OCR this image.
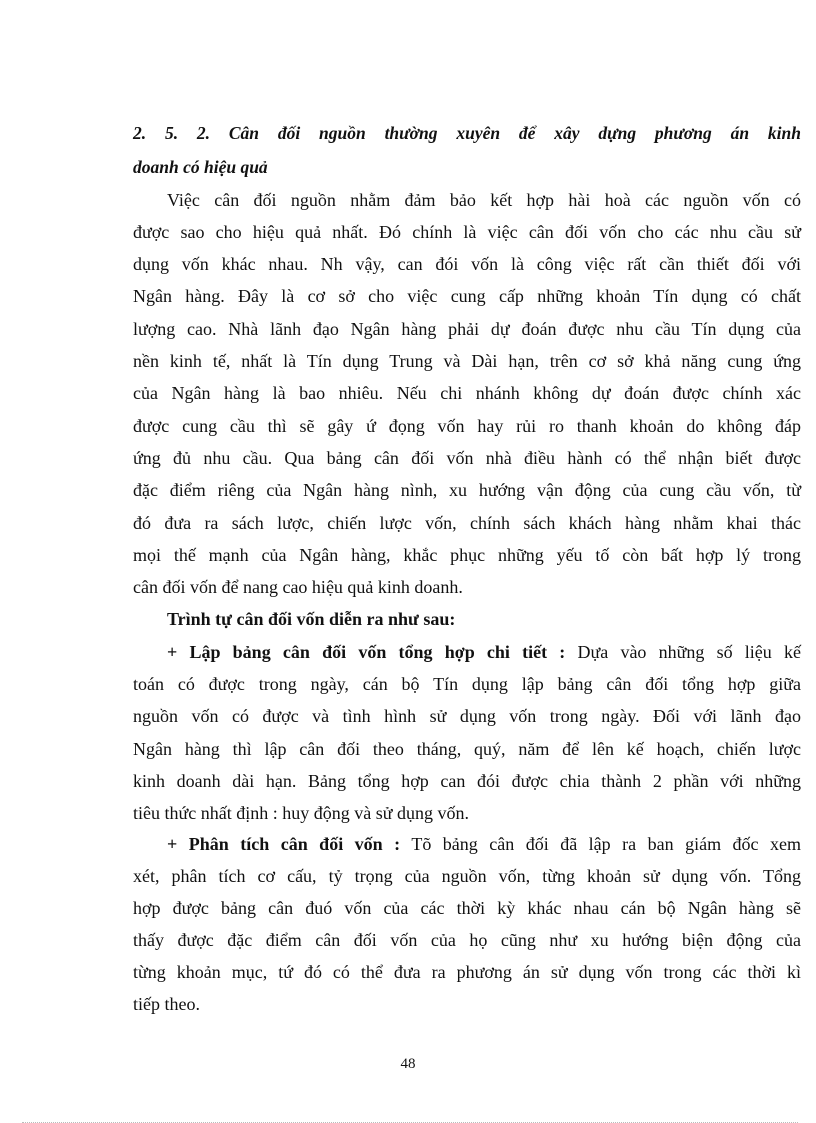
2. 5. 2. Cân đối nguồn thường xuyên để xây dựng phương án kinh
doanh có hiệu quả
Việc cân đối nguồn nhằm đảm bảo kết hợp hài hoà các nguồn vốn có
được sao cho hiệu quả nhất. Đó chính là việc cân đối vốn cho các nhu cầu sử
dụng vốn khác nhau. Nh vậy, can đói vốn là công việc rất cần thiết đối với
Ngân hàng. Đây là cơ sở cho việc cung cấp những khoản Tín dụng có chất
lượng cao. Nhà lãnh đạo Ngân hàng phải dự đoán được nhu cầu Tín dụng của
nền kinh tế, nhất là Tín dụng Trung và Dài hạn, trên cơ sở khả năng cung ứng
của Ngân hàng là bao nhiêu. Nếu chi nhánh không dự đoán được chính xác
được cung cầu thì sẽ gây ứ đọng vốn hay rủi ro thanh khoản do không đáp
ứng đủ nhu cầu. Qua bảng cân đối vốn nhà điều hành có thể nhận biết được
đặc điểm riêng của Ngân hàng nình, xu hướng vận động của cung cầu vốn, từ
đó đưa ra sách lược, chiến lược vốn, chính sách khách hàng nhằm khai thác
mọi thế mạnh của Ngân hàng, khắc phục những yếu tố còn bất hợp lý trong
cân đối vốn để nang cao hiệu quả kinh doanh.
Trình tự cân đối vốn diễn ra như sau:
+ Lập bảng cân đối vốn tổng hợp chi tiết : Dựa vào những số liệu kế
toán có được trong ngày, cán bộ Tín dụng lập bảng cân đối tổng hợp giữa
nguồn vốn có được và tình hình sử dụng vốn trong ngày. Đối với lãnh đạo
Ngân hàng thì lập cân đối theo tháng, quý, năm để lên kế hoạch, chiến lược
kinh doanh dài hạn. Bảng tổng hợp can đói được chia thành 2 phần với những
tiêu thức nhất định : huy động và sử dụng vốn.
+ Phân tích cân đối vốn : Tõ bảng cân đối đã lập ra ban giám đốc xem
xét, phân tích cơ cấu, tỷ trọng của nguồn vốn, từng khoản sử dụng vốn. Tổng
hợp được bảng cân đuó vốn của các thời kỳ khác nhau cán bộ Ngân hàng sẽ
thấy được đặc điểm cân đối vốn của họ cũng như xu hướng biện động của
từng khoản mục, tứ đó có thể đưa ra phương án sử dụng vốn trong các thời kì
tiếp theo.
48
